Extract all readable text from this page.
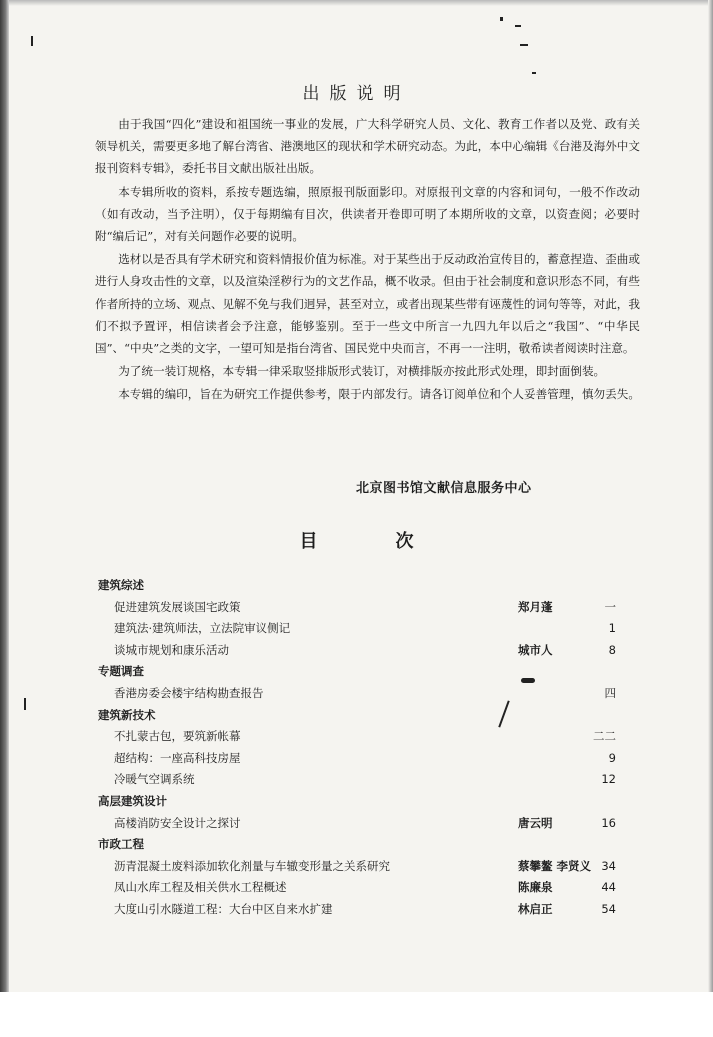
出版说明

由于我国“四化”建设和祖国统一事业的发展，广大科学研究人员、文化、教育工作者以及党、政有关领导机关，需要更多地了解台湾省、港澳地区的现状和学术研究动态。为此，本中心编辑《台港及海外中文报刊资料专辑》，委托书目文献出版社出版。

本专辑所收的资料，系按专题选编，照原报刊版面影印。对原报刊文章的内容和词句，一般不作改动（如有改动，当予注明），仅于每期编有目次，供读者开卷即可明了本期所收的文章，以资查阅；必要时附“编后记”，对有关问题作必要的说明。

选材以是否具有学术研究和资料情报价值为标准。对于某些出于反动政治宣传目的，蓄意捏造、歪曲或进行人身攻击性的文章，以及渲染淫秽行为的文艺作品，概不收录。但由于社会制度和意识形态不同，有些作者所持的立场、观点、见解不免与我们迥异，甚至对立，或者出现某些带有诬蔑性的词句等等，对此，我们不拟予置评，相信读者会予注意，能够鉴别。至于一些文中所言一九四九年以后之“我国”、“中华民国”、“中央”之类的文字，一望可知是指台湾省、国民党中央而言，不再一一注明，敬希读者阅读时注意。

为了统一装订规格，本专辑一律采取竖排版形式装订，对横排版亦按此形式处理，即封面倒装。

本专辑的编印，旨在为研究工作提供参考，限于内部发行。请各订阅单位和个人妥善管理，慎勿丢失。

北京图书馆文献信息服务中心
目	次
建筑综述
促进建筑发展谈国宅政策	郑月蓬	一
建筑法·建筑师法，立法院审议侧记	1
谈城市规划和康乐活动	城市人	8
专题调查
香港房委会楼宇结构勘查报告	四
建筑新技术
不扎蒙古包，要筑新帐幕	二二
超结构：一座高科技房屋	9
冷暖气空调系统	12
高层建筑设计
高楼消防安全设计之探讨	唐云明	16
市政工程
沥青混凝土废料添加软化剂量与车辙变形量之关系研究	蔡攀鳌 李贤义 34
凤山水库工程及相关供水工程概述	陈廉泉	44
大度山引水隧道工程：大台中区自来水扩建	林启正	54
